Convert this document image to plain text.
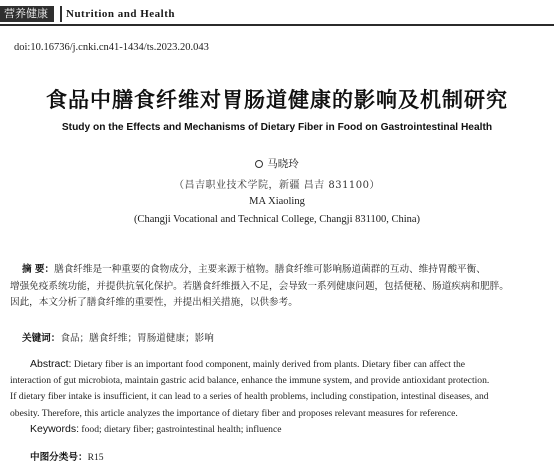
营养健康	Nutrition and Health
doi:10.16736/j.cnki.cn41-1434/ts.2023.20.043
食品中膳食纤维对胃肠道健康的影响及机制研究
Study on the Effects and Mechanisms of Dietary Fiber in Food on Gastrointestinal Health
马晓玲
（昌吉职业技术学院，新疆 昌吉 831100）
MA Xiaoling
(Changji Vocational and Technical College, Changji 831100, China)
摘 要：膳食纤维是一种重要的食物成分，主要来源于植物。膳食纤维可影响肠道菌群的互动、维持胃酸平衡、
增强免疫系统功能，并提供抗氧化保护。若膳食纤维摄入不足，会导致一系列健康问题，包括便秘、肠道疾病和肥胖。
因此，本文分析了膳食纤维的重要性，并提出相关措施，以供参考。
关键词：食品；膳食纤维；胃肠道健康；影响
Abstract: Dietary fiber is an important food component, mainly derived from plants. Dietary fiber can affect the
interaction of gut microbiota, maintain gastric acid balance, enhance the immune system, and provide antioxidant protection.
If dietary fiber intake is insufficient, it can lead to a series of health problems, including constipation, intestinal diseases, and
obesity. Therefore, this article analyzes the importance of dietary fiber and proposes relevant measures for reference.
Keywords: food; dietary fiber; gastrointestinal health; influence
中图分类号：R15
